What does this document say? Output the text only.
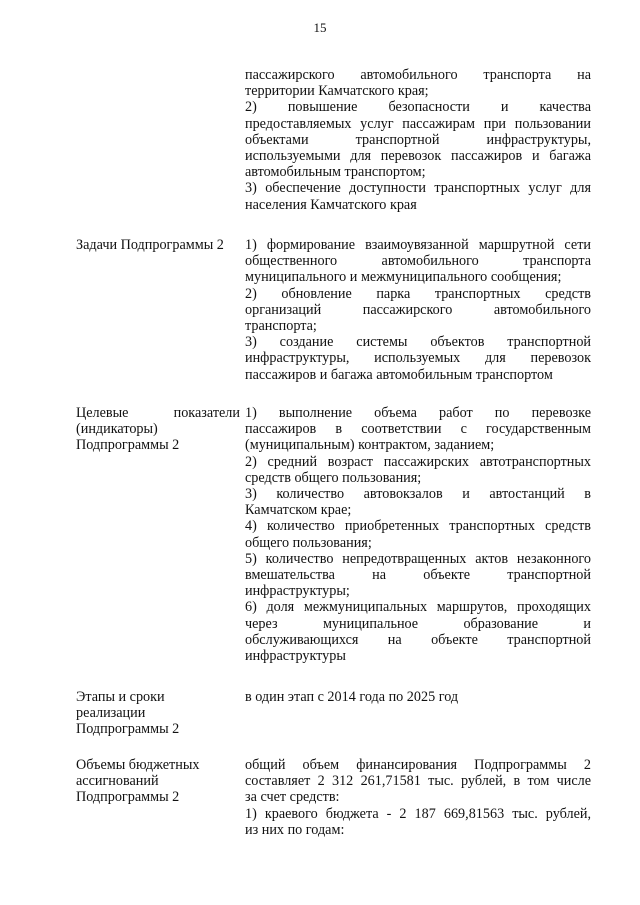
15
пассажирского автомобильного транспорта на
территории Камчатского края;
2) повышение безопасности и качества
предоставляемых услуг пассажирам при пользовании
объектами транспортной инфраструктуры,
используемыми для перевозок пассажиров и багажа
автомобильным транспортом;
3) обеспечение доступности транспортных услуг для
населения Камчатского края
Задачи Подпрограммы 2	1) формирование взаимоувязанной маршрутной сети
общественного автомобильного транспорта
муниципального и межмуниципального сообщения;
2) обновление парка транспортных средств
организаций пассажирского автомобильного
транспорта;
3) создание системы объектов транспортной
инфраструктуры, используемых для перевозок
пассажиров и багажа автомобильным транспортом
Целевые показатели
(индикаторы)
Подпрограммы 2
1) выполнение объема работ по перевозке
пассажиров в соответствии с государственным
(муниципальным) контрактом, заданием;
2) средний возраст пассажирских автотранспортных
средств общего пользования;
3) количество автовокзалов и автостанций в
Камчатском крае;
4) количество приобретенных транспортных средств
общего пользования;
5) количество непредотвращенных актов незаконного
вмешательства на объекте транспортной
инфраструктуры;
6) доля межмуниципальных маршрутов, проходящих
через муниципальное образование и
обслуживающихся на объекте транспортной
инфраструктуры
Этапы и сроки
реализации
Подпрограммы 2
в один этап с 2014 года по 2025 год
Объемы бюджетных
ассигнований
Подпрограммы 2
общий объем финансирования Подпрограммы 2
составляет 2 312 261,71581 тыс. рублей, в том числе
за счет средств:
1) краевого бюджета - 2 187 669,81563 тыс. рублей,
из них по годам:
